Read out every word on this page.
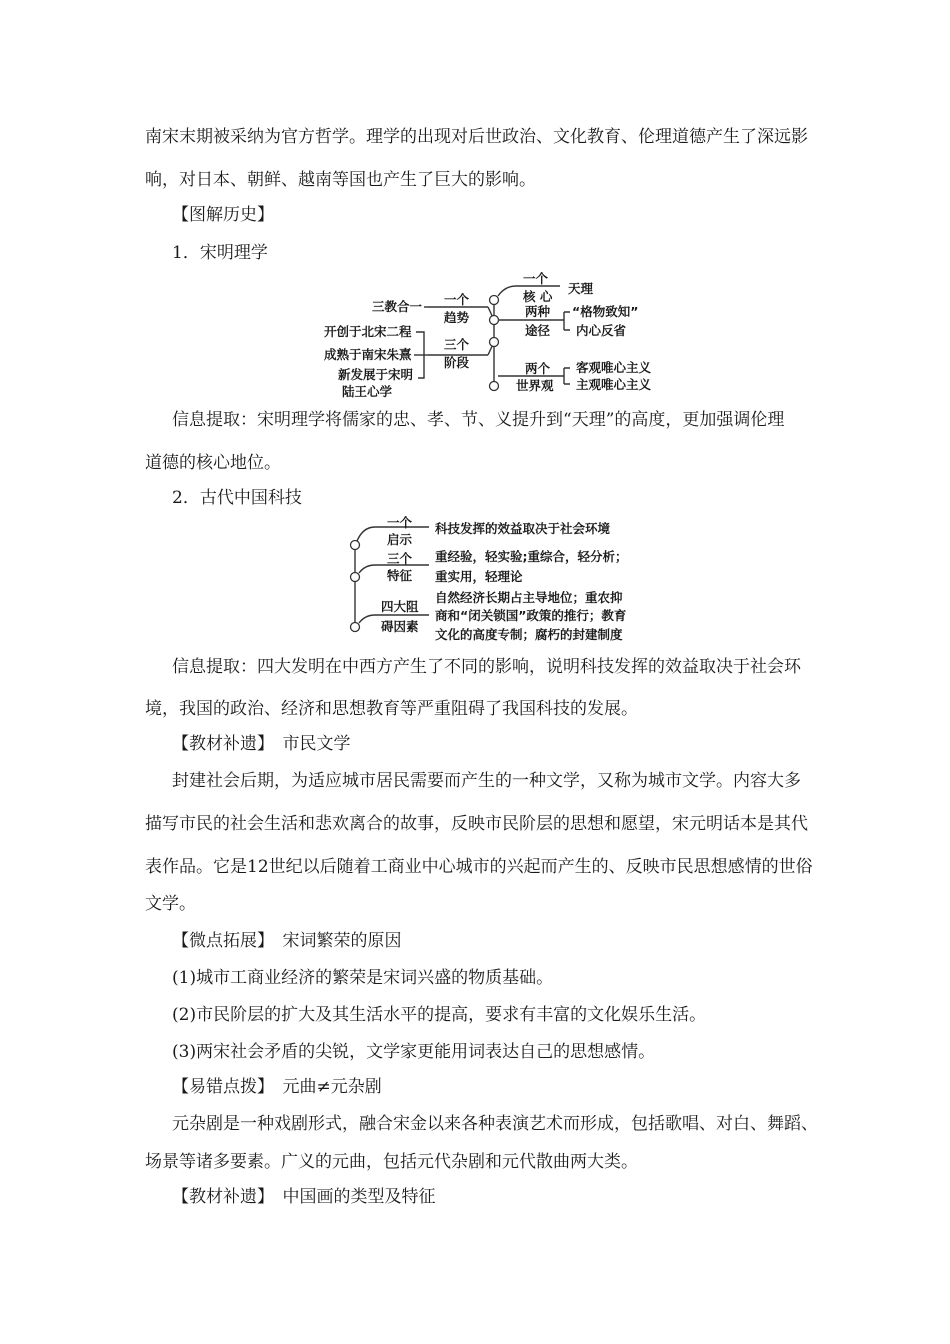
南宋末期被采纳为官方哲学。理学的出现对后世政治、文化教育、伦理道德产生了深远影
响，对日本、朝鲜、越南等国也产生了巨大的影响。
【图解历史】
1．宋明理学
三教合一
开创于北宋二程
成熟于南宋朱熹
新发展于宋明
陆王心学
一个
趋势
三个
阶段
一个
核 心
天理
两种
途径
“格物致知”
内心反省
两个
世界观
客观唯心主义
主观唯心主义
信息提取：宋明理学将儒家的忠、孝、节、义提升到“天理”的高度，更加强调伦理
道德的核心地位。
2．古代中国科技
一个
启示
科技发挥的效益取决于社会环境
三个
特征
重经验，轻实验;重综合，轻分析；
重实用，轻理论
四大阻
碍因素
自然经济长期占主导地位；重农抑
商和“闭关锁国”政策的推行；教育
文化的高度专制；腐朽的封建制度
信息提取：四大发明在中西方产生了不同的影响，说明科技发挥的效益取决于社会环
境，我国的政治、经济和思想教育等严重阻碍了我国科技的发展。
【教材补遗】　市民文学
封建社会后期，为适应城市居民需要而产生的一种文学，又称为城市文学。内容大多
描写市民的社会生活和悲欢离合的故事，反映市民阶层的思想和愿望，宋元明话本是其代
表作品。它是12世纪以后随着工商业中心城市的兴起而产生的、反映市民思想感情的世俗
文学。
【微点拓展】　宋词繁荣的原因
(1)城市工商业经济的繁荣是宋词兴盛的物质基础。
(2)市民阶层的扩大及其生活水平的提高，要求有丰富的文化娱乐生活。
(3)两宋社会矛盾的尖锐，文学家更能用词表达自己的思想感情。
【易错点拨】　元曲≠元杂剧
元杂剧是一种戏剧形式，融合宋金以来各种表演艺术而形成，包括歌唱、对白、舞蹈、
场景等诸多要素。广义的元曲，包括元代杂剧和元代散曲两大类。
【教材补遗】　中国画的类型及特征
